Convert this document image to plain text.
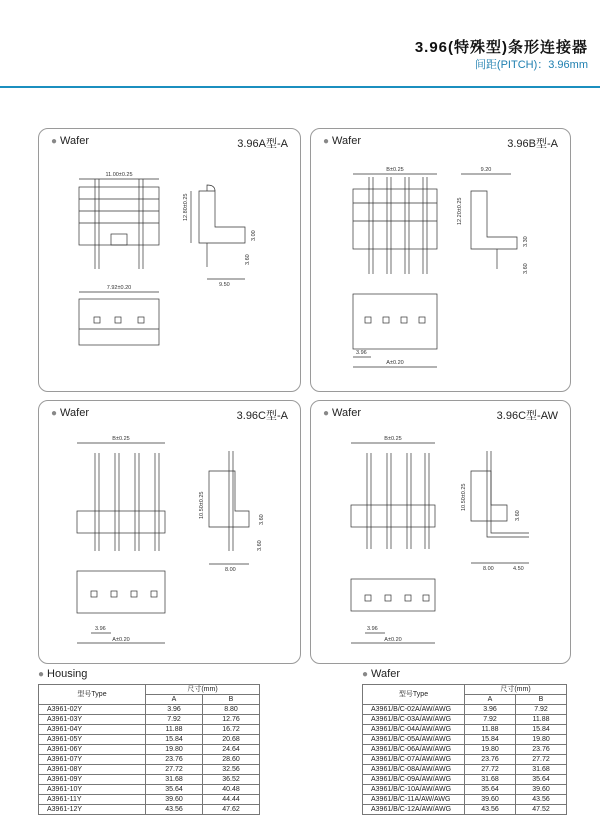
3.96(特殊型)条形连接器
间距(PITCH)：3.96mm
● Wafer	3.96A型-A
11.00±0.25
12.80±0.25
3.00
3.60
9.50
7.92±0.20
● Wafer	3.96B型-A
B±0.25	9.20
12.20±0.25
3.30
3.60
3.96
A±0.20
● Wafer	3.96C型-A
B±0.25
10.50±0.25
3.60
3.60
8.00
3.96
A±0.20
● Wafer	3.96C型-AW
B±0.25
10.50±0.25
3.60
8.00	4.50
3.96
A±0.20
● Housing
型号Type	尺寸(mm)	
	A	B
A3961-02Y	3.96	8.80
A3961-03Y	7.92	12.76
A3961-04Y	11.88	16.72
A3961-05Y	15.84	20.68
A3961-06Y	19.80	24.64
A3961-07Y	23.76	28.60
A3961-08Y	27.72	32.56
A3961-09Y	31.68	36.52
A3961-10Y	35.64	40.48
A3961-11Y	39.60	44.44
A3961-12Y	43.56	47.62
● Wafer
型号Type	尺寸(mm)	
	A	B
A3961/B/C-02A/AW/AWG	3.96	7.92
A3961/B/C-03A/AW/AWG	7.92	11.88
A3961/B/C-04A/AW/AWG	11.88	15.84
A3961/B/C-05A/AW/AWG	15.84	19.80
A3961/B/C-06A/AW/AWG	19.80	23.76
A3961/B/C-07A/AW/AWG	23.76	27.72
A3961/B/C-08A/AW/AWG	27.72	31.68
A3961/B/C-09A/AW/AWG	31.68	35.64
A3961/B/C-10A/AW/AWG	35.64	39.60
A3961/B/C-11A/AW/AWG	39.60	43.56
A3961/B/C-12A/AW/AWG	43.56	47.52
